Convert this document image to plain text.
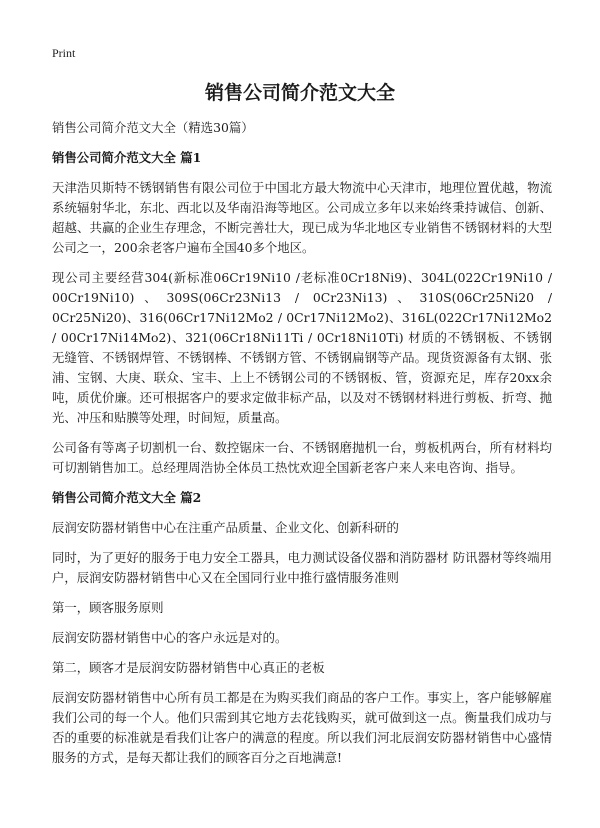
Print
销售公司简介范文大全

销售公司简介范文大全（精选30篇）

销售公司简介范文大全 篇1

天津浩贝斯特不锈钢销售有限公司位于中国北方最大物流中心天津市，地理位置优越，物流系统辐射华北，东北、西北以及华南沿海等地区。公司成立多年以来始终秉持诚信、创新、超越、共赢的企业生存理念，不断完善壮大，现已成为华北地区专业销售不锈钢材料的大型公司之一，200余老客户遍布全国40多个地区。

现公司主要经营304(新标准06Cr19Ni10 /老标准0Cr18Ni9)、304L(022Cr19Ni10 / 00Cr19Ni10)、309S(06Cr23Ni13 / 0Cr23Ni13)、310S(06Cr25Ni20 / 0Cr25Ni20)、316(06Cr17Ni12Mo2 / 0Cr17Ni12Mo2)、316L(022Cr17Ni12Mo2 / 00Cr17Ni14Mo2)、321(06Cr18Ni11Ti / 0Cr18Ni10Ti) 材质的不锈钢板、不锈钢无缝管、不锈钢焊管、不锈钢棒、不锈钢方管、不锈钢扁钢等产品。现货资源备有太钢、张浦、宝钢、大庚、联众、宝丰、上上不锈钢公司的不锈钢板、管，资源充足，库存20xx余吨，质优价廉。还可根据客户的要求定做非标产品，以及对不锈钢材料进行剪板、折弯、抛光、冲压和贴膜等处理，时间短，质量高。

公司备有等离子切割机一台、数控锯床一台、不锈钢磨抛机一台，剪板机两台，所有材料均可切割销售加工。总经理周浩协全体员工热忱欢迎全国新老客户来人来电咨询、指导。

销售公司简介范文大全 篇2

辰润安防器材销售中心在注重产品质量、企业文化、创新科研的

同时，为了更好的服务于电力安全工器具，电力测试设备仪器和消防器材 防讯器材等终端用户，辰润安防器材销售中心又在全国同行业中推行盛情服务准则

第一，顾客服务原则

辰润安防器材销售中心的客户永远是对的。

第二，顾客才是辰润安防器材销售中心真正的老板

辰润安防器材销售中心所有员工都是在为购买我们商品的客户工作。事实上，客户能够解雇我们公司的每一个人。他们只需到其它地方去花钱购买，就可做到这一点。衡量我们成功与否的重要的标准就是看我们让客户的满意的程度。所以我们河北辰润安防器材销售中心盛情服务的方式，是每天都让我们的顾客百分之百地满意!
